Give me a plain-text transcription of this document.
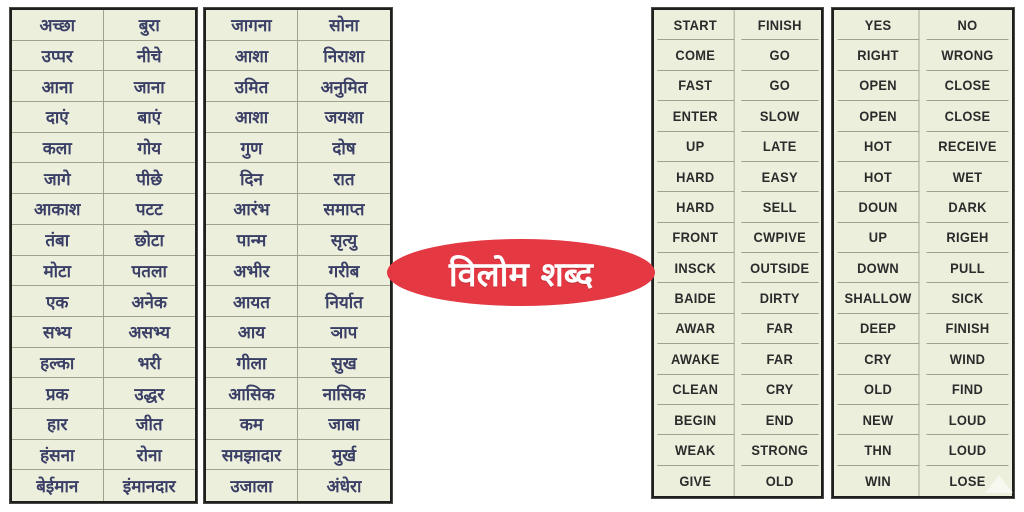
अच्छा	बुरा
उप्पर	नीचे
आना	जाना
दाएं	बाएं
कला	गोय
जागे	पीछे
आकाश	पटट
तंबा	छोटा
मोटा	पतला
एक	अनेक
सभ्य	असभ्य
हल्का	भरी
प्रक	उद्धर
हार	जीत
हंसना	रोना
बेईमान	इंमानदार
जागना	सोना
आशा	निराशा
उमित	अनुमित
आशा	जयशा
गुण	दोष
दिन	रात
आरंभ	समाप्त
पान्म	सृत्यु
अभीर	गरीब
आयत	निर्यात
आय	ञाप
गीला	सुख
आसिक	नासिक
कम	जाबा
समझादार	मुर्ख
उजाला	अंधेरा
START	FINISH
COME	GO
FAST	GO
ENTER	SLOW
UP	LATE
HARD	EASY
HARD	SELL
FRONT	CWPIVE
INSCK	OUTSIDE
BAIDE	DIRTY
AWAR	FAR
AWAKE	FAR
CLEAN	CRY
BEGIN	END
WEAK	STRONG
GIVE	OLD
YES	NO
RIGHT	WRONG
OPEN	CLOSE
OPEN	CLOSE
HOT	RECEIVE
HOT	WET
DOUN	DARK
UP	RIGEH
DOWN	PULL
SHALLOW	SICK
DEEP	FINISH
CRY	WIND
OLD	FIND
NEW	LOUD
THN	LOUD
WIN	LOSE
विलोम शब्द
